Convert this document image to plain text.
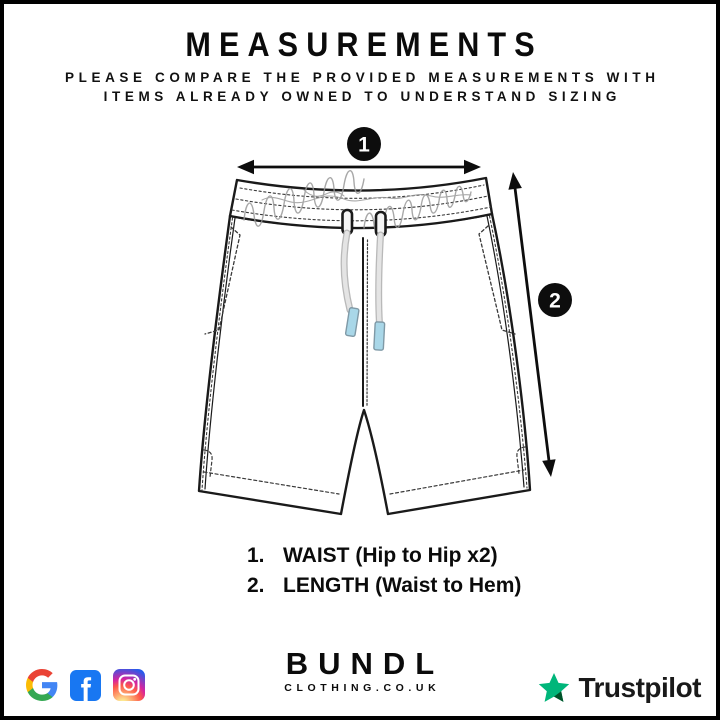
MEASUREMENTS

PLEASE COMPARE THE PROVIDED MEASUREMENTS WITH

ITEMS ALREADY OWNED TO UNDERSTAND SIZING

1
2
1. WAIST (Hip to Hip x2)
2. LENGTH (Waist to Hem)
BUNDL
CLOTHING.CO.UK	Trustpilot
